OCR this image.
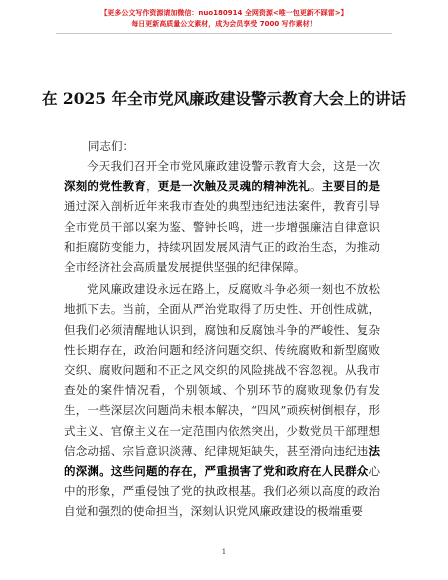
【更多公文写作资源请加微信：nuo180914 全网资源<唯一包更新不踩雷>】
每日更新高质量公文素材，成为会员享受 7000 写作素材！
在 2025 年全市党风廉政建设警示教育大会上的讲话
同志们：

今天我们召开全市党风廉政建设警示教育大会，这是一次深刻的党性教育，更是一次触及灵魂的精神洗礼。主要目的是通过深入剖析近年来我市查处的典型违纪违法案件，教育引导全市党员干部以案为鉴、警钟长鸣，进一步增强廉洁自律意识和拒腐防变能力，持续巩固发展风清气正的政治生态，为推动全市经济社会高质量发展提供坚强的纪律保障。

党风廉政建设永远在路上，反腐败斗争必须一刻也不放松地抓下去。当前，全面从严治党取得了历史性、开创性成就，但我们必须清醒地认识到，腐蚀和反腐蚀斗争的严峻性、复杂性长期存在，政治问题和经济问题交织、传统腐败和新型腐败交织、腐败问题和不正之风交织的风险挑战不容忽视。从我市查处的案件情况看，个别领域、个别环节的腐败现象仍有发生，一些深层次问题尚未根本解决，“四风”顽疾树倒根存，形式主义、官僚主义在一定范围内依然突出，少数党员干部理想信念动摇、宗旨意识淡薄、纪律规矩缺失，甚至滑向违纪违法的深渊。这些问题的存在，严重损害了党和政府在人民群众心中的形象，严重侵蚀了党的执政根基。我们必须以高度的政治自觉和强烈的使命担当，深刻认识党风廉政建设的极端重要

1
